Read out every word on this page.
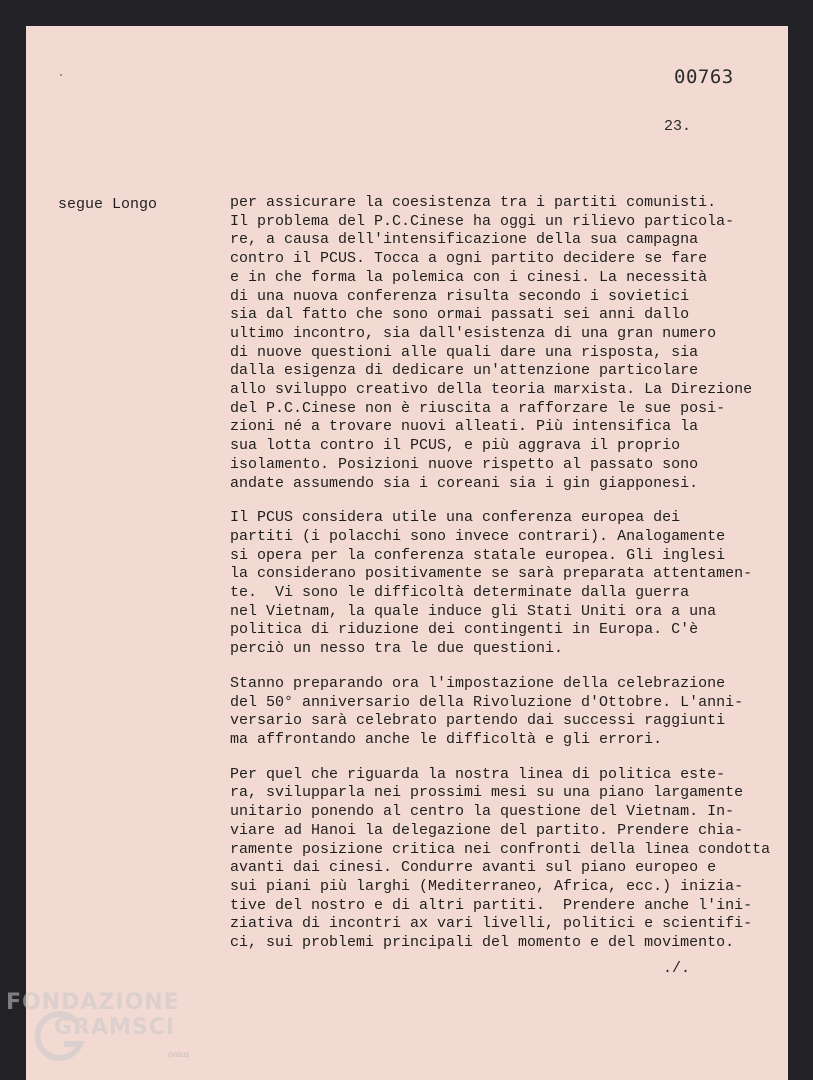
00763
23.
segue Longo	per assicurare la coesistenza tra i partiti comunisti.
Il problema del P.C.Cinese ha oggi un rilievo particola-
re, a causa dell'intensificazione della sua campagna
contro il PCUS. Tocca a ogni partito decidere se fare
e in che forma la polemica con i cinesi. La necessità
di una nuova conferenza risulta secondo i sovietici
sia dal fatto che sono ormai passati sei anni dallo
ultimo incontro, sia dall'esistenza di una gran numero
di nuove questioni alle quali dare una risposta, sia
dalla esigenza di dedicare un'attenzione particolare
allo sviluppo creativo della teoria marxista. La Direzione
del P.C.Cinese non è riuscita a rafforzare le sue posi-
zioni né a trovare nuovi alleati. Più intensifica la
sua lotta contro il PCUS, e più aggrava il proprio
isolamento. Posizioni nuove rispetto al passato sono
andate assumendo sia i coreani sia i gin giapponesi.
Il PCUS considera utile una conferenza europea dei
partiti (i polacchi sono invece contrari). Analogamente
si opera per la conferenza statale europea. Gli inglesi
la considerano positivamente se sarà preparata attentamen-
te.  Vi sono le difficoltà determinate dalla guerra
nel Vietnam, la quale induce gli Stati Uniti ora a una
politica di riduzione dei contingenti in Europa. C'è
perciò un nesso tra le due questioni.
Stanno preparando ora l'impostazione della celebrazione
del 50° anniversario della Rivoluzione d'Ottobre. L'anni-
versario sarà celebrato partendo dai successi raggiunti
ma affrontando anche le difficoltà e gli errori.
Per quel che riguarda la nostra linea di politica este-
ra, svilupparla nei prossimi mesi su una piano largamente
unitario ponendo al centro la questione del Vietnam. In-
viare ad Hanoi la delegazione del partito. Prendere chia-
ramente posizione critica nei confronti della linea condotta
avanti dai cinesi. Condurre avanti sul piano europeo e
sui piani più larghi (Mediterraneo, Africa, ecc.) inizia-
tive del nostro e di altri partiti.  Prendere anche l'ini-
ziativa di incontri ax vari livelli, politici e scientifi-
ci, sui problemi principali del momento e del movimento.
./.
FONDAZIONE
GRAMSCI
onlus
